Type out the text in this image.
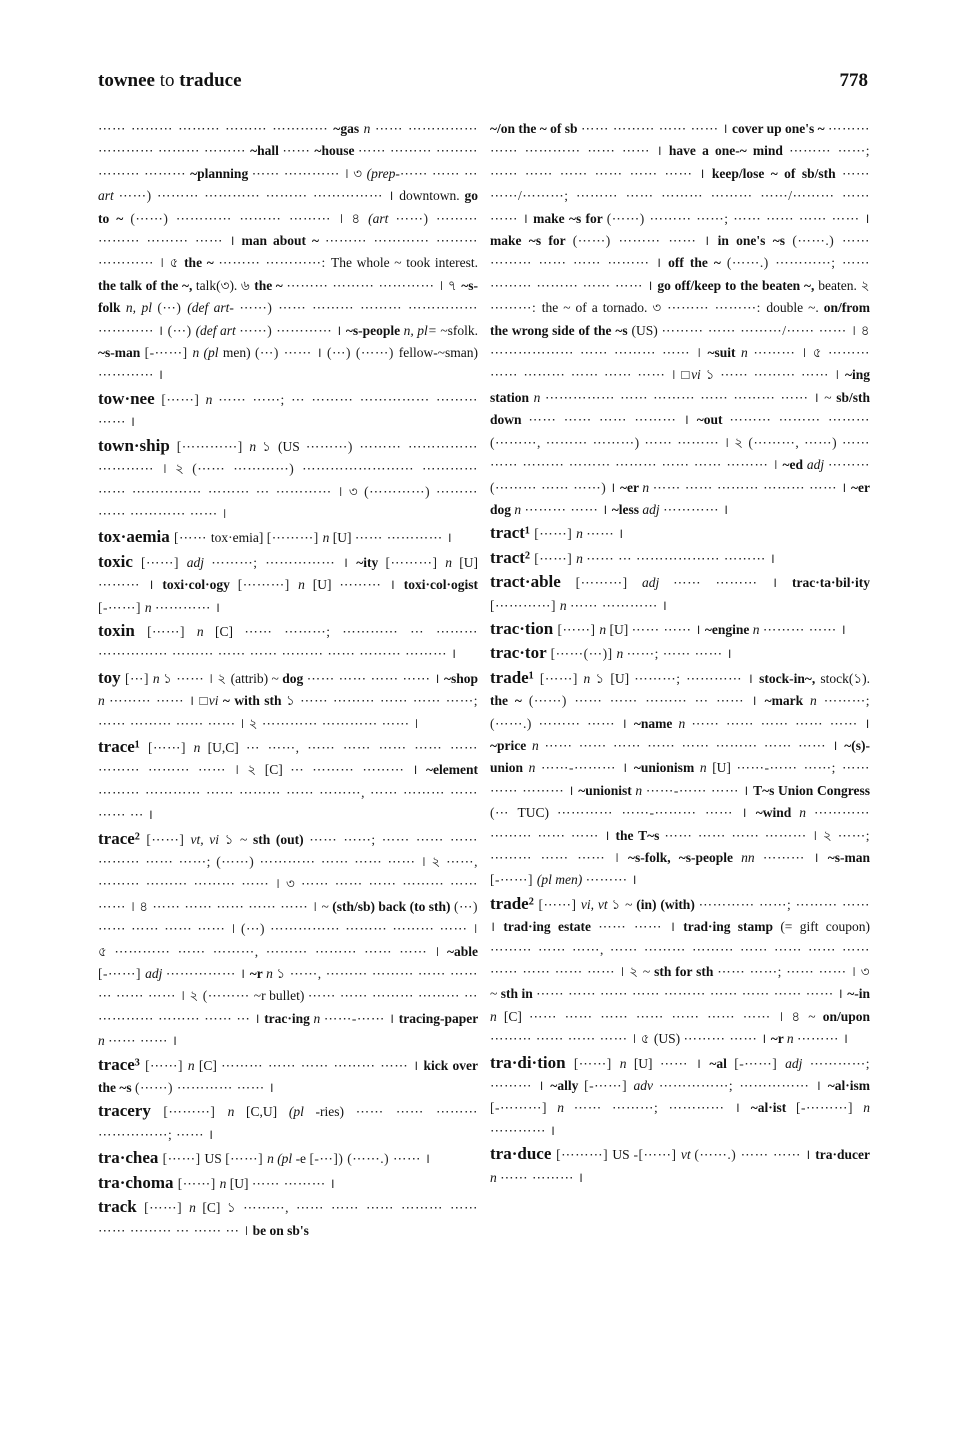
townee to traduce	778

⋯⋯ ⋯⋯⋯ ⋯⋯⋯ ⋯⋯⋯ ⋯⋯⋯⋯ ~gas n ⋯⋯ ⋯⋯⋯⋯⋯ ⋯⋯⋯⋯ ⋯⋯⋯ ⋯⋯⋯ ~hall ⋯⋯ ~house ⋯⋯ ⋯⋯⋯ ⋯⋯⋯ ⋯⋯⋯ ⋯⋯⋯ ~planning ⋯⋯ ⋯⋯⋯⋯ । ৩ (prep-⋯⋯ ⋯⋯ ⋯ art ⋯⋯) ⋯⋯⋯ ⋯⋯⋯⋯ ⋯⋯⋯ ⋯⋯⋯⋯⋯ । downtown. go to ~ (⋯⋯) ⋯⋯⋯⋯ ⋯⋯⋯ ⋯⋯⋯ । ৪ (art ⋯⋯) ⋯⋯⋯ ⋯⋯⋯ ⋯⋯⋯ ⋯⋯ । man about ~ ⋯⋯⋯ ⋯⋯⋯⋯ ⋯⋯⋯ ⋯⋯⋯⋯ । ৫ the ~ ⋯⋯⋯ ⋯⋯⋯⋯: The whole ~ took interest. the talk of the ~, talk(৩). ৬ the ~ ⋯⋯⋯ ⋯⋯⋯ ⋯⋯⋯⋯ । ৭ ~s-folk n, pl (⋯) (def art- ⋯⋯) ⋯⋯ ⋯⋯⋯ ⋯⋯⋯ ⋯⋯⋯⋯⋯ ⋯⋯⋯⋯ । (⋯) (def art ⋯⋯) ⋯⋯⋯⋯ । ~s-people n, pl= ~sfolk. ~s-man [-⋯⋯] n (pl men) (⋯) ⋯⋯ । (⋯) (⋯⋯) fellow-~sman) ⋯⋯⋯⋯ ।

tow·nee [⋯⋯] n ⋯⋯ ⋯⋯; ⋯ ⋯⋯⋯ ⋯⋯⋯⋯⋯ ⋯⋯⋯ ⋯⋯ ।

town·ship [⋯⋯⋯⋯] n ১ (US ⋯⋯⋯) ⋯⋯⋯ ⋯⋯⋯⋯⋯ ⋯⋯⋯⋯ । ২ (⋯⋯ ⋯⋯⋯⋯) ⋯⋯⋯⋯⋯⋯⋯⋯ ⋯⋯⋯⋯ ⋯⋯ ⋯⋯⋯⋯⋯ ⋯⋯⋯ ⋯ ⋯⋯⋯⋯ । ৩ (⋯⋯⋯⋯) ⋯⋯⋯ ⋯⋯ ⋯⋯⋯⋯ ⋯⋯ ।

tox·aemia [⋯⋯ tox·emia] [⋯⋯⋯] n [U] ⋯⋯ ⋯⋯⋯⋯ ।

toxic [⋯⋯] adj ⋯⋯⋯; ⋯⋯⋯⋯⋯ । ~ity [⋯⋯⋯] n [U] ⋯⋯⋯ । toxi·col·ogy [⋯⋯⋯] n [U] ⋯⋯⋯ । toxi·col·ogist [-⋯⋯] n ⋯⋯⋯⋯ ।

toxin [⋯⋯] n [C] ⋯⋯ ⋯⋯⋯; ⋯⋯⋯⋯ ⋯ ⋯⋯⋯ ⋯⋯⋯⋯⋯ ⋯⋯⋯ ⋯⋯ ⋯⋯ ⋯⋯⋯ ⋯⋯ ⋯⋯⋯ ⋯⋯⋯ ।

toy [⋯] n ১ ⋯⋯ । ২ (attrib) ~ dog ⋯⋯ ⋯⋯ ⋯⋯ ⋯⋯ । ~shop n ⋯⋯⋯ ⋯⋯ । □vi ~ with sth ১ ⋯⋯ ⋯⋯⋯ ⋯⋯ ⋯⋯ ⋯⋯; ⋯⋯ ⋯⋯⋯ ⋯⋯ ⋯⋯ । ২ ⋯⋯⋯⋯ ⋯⋯⋯⋯ ⋯⋯ ।

trace¹ [⋯⋯] n [U,C] ⋯ ⋯⋯, ⋯⋯ ⋯⋯ ⋯⋯ ⋯⋯ ⋯⋯ ⋯⋯⋯ ⋯⋯⋯ ⋯⋯ । ২ [C] ⋯ ⋯⋯⋯ ⋯⋯⋯ । ~element ⋯⋯⋯ ⋯⋯⋯⋯ ⋯⋯ ⋯⋯⋯ ⋯⋯ ⋯⋯⋯, ⋯⋯ ⋯⋯⋯ ⋯⋯ ⋯⋯ ⋯ ।

trace² [⋯⋯] vt, vi ১ ~ sth (out) ⋯⋯ ⋯⋯; ⋯⋯ ⋯⋯ ⋯⋯ ⋯⋯⋯ ⋯⋯ ⋯⋯; (⋯⋯) ⋯⋯⋯⋯ ⋯⋯ ⋯⋯ ⋯⋯ । ২ ⋯⋯, ⋯⋯⋯ ⋯⋯⋯ ⋯⋯⋯ ⋯⋯ । ৩ ⋯⋯ ⋯⋯ ⋯⋯ ⋯⋯⋯ ⋯⋯ ⋯⋯ । ৪ ⋯⋯ ⋯⋯ ⋯⋯ ⋯⋯ ⋯⋯ । ~ (sth/sb) back (to sth) (⋯) ⋯⋯ ⋯⋯ ⋯⋯ ⋯⋯ । (⋯) ⋯⋯⋯⋯⋯ ⋯⋯⋯ ⋯⋯⋯ ⋯⋯ । ৫ ⋯⋯⋯⋯ ⋯⋯ ⋯⋯⋯, ⋯⋯⋯ ⋯⋯⋯ ⋯⋯ ⋯⋯ । ~able [-⋯⋯] adj ⋯⋯⋯⋯⋯ । ~r n ১ ⋯⋯, ⋯⋯⋯ ⋯⋯⋯ ⋯⋯ ⋯⋯ ⋯ ⋯⋯ ⋯⋯ । ২ (⋯⋯⋯ ~r bullet) ⋯⋯ ⋯⋯ ⋯⋯⋯ ⋯⋯⋯ ⋯ ⋯⋯⋯⋯ ⋯⋯⋯ ⋯⋯ ⋯ । trac·ing n ⋯⋯-⋯⋯ । tracing-paper n ⋯⋯ ⋯⋯ ।

trace³ [⋯⋯] n [C] ⋯⋯⋯ ⋯⋯ ⋯⋯ ⋯⋯⋯ ⋯⋯ । kick over the ~s (⋯⋯) ⋯⋯⋯⋯ ⋯⋯ ।

tracery [⋯⋯⋯] n [C,U] (pl -ries) ⋯⋯ ⋯⋯ ⋯⋯⋯ ⋯⋯⋯⋯⋯; ⋯⋯ ।

tra·chea [⋯⋯] US [⋯⋯] n (pl -e [-⋯]) (⋯⋯.) ⋯⋯ ।

tra·choma [⋯⋯] n [U] ⋯⋯ ⋯⋯⋯ ।

track [⋯⋯] n [C] ১ ⋯⋯⋯, ⋯⋯ ⋯⋯ ⋯⋯ ⋯⋯⋯ ⋯⋯ ⋯⋯ ⋯⋯⋯ ⋯ ⋯⋯ ⋯ । be on sb's

~/on the ~ of sb ⋯⋯ ⋯⋯⋯ ⋯⋯ ⋯⋯ । cover up one's ~ ⋯⋯⋯ ⋯⋯ ⋯⋯⋯⋯ ⋯⋯ ⋯⋯ । have a one-~ mind ⋯⋯⋯ ⋯⋯; ⋯⋯ ⋯⋯ ⋯⋯ ⋯⋯ ⋯⋯ ⋯⋯ । keep/lose ~ of sb/sth ⋯⋯ ⋯⋯/⋯⋯⋯; ⋯⋯⋯ ⋯⋯ ⋯⋯⋯ ⋯⋯⋯ ⋯⋯/⋯⋯⋯ ⋯⋯ ⋯⋯ । make ~s for (⋯⋯) ⋯⋯⋯ ⋯⋯; ⋯⋯ ⋯⋯ ⋯⋯ ⋯⋯ । make ~s for (⋯⋯) ⋯⋯⋯ ⋯⋯ । in one's ~s (⋯⋯.) ⋯⋯ ⋯⋯⋯ ⋯⋯ ⋯⋯ ⋯⋯⋯ । off the ~ (⋯⋯.) ⋯⋯⋯⋯; ⋯⋯ ⋯⋯⋯ ⋯⋯⋯ ⋯⋯ ⋯⋯ । go off/keep to the beaten ~, beaten. ২ ⋯⋯⋯: the ~ of a tornado. ৩ ⋯⋯⋯ ⋯⋯⋯: double ~. on/from the wrong side of the ~s (US) ⋯⋯⋯ ⋯⋯ ⋯⋯⋯/⋯⋯ ⋯⋯ । ৪ ⋯⋯⋯⋯⋯⋯ ⋯⋯ ⋯⋯⋯ ⋯⋯ । ~suit n ⋯⋯⋯ । ৫ ⋯⋯⋯ ⋯⋯ ⋯⋯⋯ ⋯⋯ ⋯⋯ ⋯⋯ । □vi ১ ⋯⋯ ⋯⋯⋯ ⋯⋯ । ~ing station n ⋯⋯⋯⋯⋯ ⋯⋯ ⋯⋯⋯ ⋯⋯ ⋯⋯⋯ ⋯⋯ । ~ sb/sth down ⋯⋯ ⋯⋯ ⋯⋯ ⋯⋯⋯ । ~out ⋯⋯⋯ ⋯⋯⋯ ⋯⋯⋯ (⋯⋯⋯, ⋯⋯⋯ ⋯⋯⋯) ⋯⋯ ⋯⋯⋯ । ২ (⋯⋯⋯, ⋯⋯) ⋯⋯ ⋯⋯ ⋯⋯⋯ ⋯⋯⋯ ⋯⋯⋯ ⋯⋯ ⋯⋯ ⋯⋯⋯ । ~ed adj ⋯⋯⋯ (⋯⋯⋯ ⋯⋯ ⋯⋯) । ~er n ⋯⋯ ⋯⋯ ⋯⋯⋯ ⋯⋯⋯ ⋯⋯ । ~er dog n ⋯⋯⋯ ⋯⋯ । ~less adj ⋯⋯⋯⋯ ।

tract¹ [⋯⋯] n ⋯⋯ ।

tract² [⋯⋯] n ⋯⋯ ⋯ ⋯⋯⋯⋯⋯⋯ ⋯⋯⋯ ।

tract·able [⋯⋯⋯] adj ⋯⋯ ⋯⋯⋯ । trac·ta·bil·ity [⋯⋯⋯⋯] n ⋯⋯ ⋯⋯⋯⋯ ।

trac·tion [⋯⋯] n [U] ⋯⋯ ⋯⋯ । ~engine n ⋯⋯⋯ ⋯⋯ ।

trac·tor [⋯⋯(⋯)] n ⋯⋯; ⋯⋯ ⋯⋯ ।

trade¹ [⋯⋯] n ১ [U] ⋯⋯⋯; ⋯⋯⋯⋯ । stock-in~, stock(১). the ~ (⋯⋯) ⋯⋯ ⋯⋯ ⋯⋯⋯ ⋯ ⋯⋯ । ~mark n ⋯⋯⋯; (⋯⋯.) ⋯⋯⋯ ⋯⋯ । ~name n ⋯⋯ ⋯⋯ ⋯⋯ ⋯⋯ ⋯⋯ । ~price n ⋯⋯ ⋯⋯ ⋯⋯ ⋯⋯ ⋯⋯ ⋯⋯⋯ ⋯⋯ ⋯⋯ । ~(s)-union n ⋯⋯-⋯⋯⋯ । ~unionism n [U] ⋯⋯-⋯⋯ ⋯⋯; ⋯⋯ ⋯⋯ ⋯⋯⋯ । ~unionist n ⋯⋯-⋯⋯ ⋯⋯ । T~s Union Congress (⋯ TUC) ⋯⋯⋯⋯ ⋯⋯-⋯⋯⋯ ⋯⋯ । ~wind n ⋯⋯⋯⋯ ⋯⋯⋯ ⋯⋯ ⋯⋯ । the T~s ⋯⋯ ⋯⋯ ⋯⋯ ⋯⋯⋯ । ২ ⋯⋯; ⋯⋯⋯ ⋯⋯ ⋯⋯ । ~s-folk, ~s-people nn ⋯⋯⋯ । ~s-man [-⋯⋯] (pl men) ⋯⋯⋯ ।

trade² [⋯⋯] vi, vt ১ ~ (in) (with) ⋯⋯⋯⋯ ⋯⋯; ⋯⋯⋯ ⋯⋯ । trad·ing estate ⋯⋯ ⋯⋯ । trad·ing stamp (= gift coupon) ⋯⋯⋯ ⋯⋯ ⋯⋯, ⋯⋯ ⋯⋯⋯ ⋯⋯⋯ ⋯⋯ ⋯⋯ ⋯⋯ ⋯⋯ ⋯⋯ ⋯⋯ ⋯⋯ ⋯⋯ । ২ ~ sth for sth ⋯⋯ ⋯⋯; ⋯⋯ ⋯⋯ । ৩ ~ sth in ⋯⋯ ⋯⋯ ⋯⋯ ⋯⋯ ⋯⋯⋯ ⋯⋯ ⋯⋯ ⋯⋯ ⋯⋯ । ~-in n [C] ⋯⋯ ⋯⋯ ⋯⋯ ⋯⋯ ⋯⋯ ⋯⋯ ⋯⋯ । ৪ ~ on/upon ⋯⋯⋯ ⋯⋯ ⋯⋯ ⋯⋯ । ৫ (US) ⋯⋯⋯ ⋯⋯ । ~r n ⋯⋯⋯ ।

tra·di·tion [⋯⋯] n [U] ⋯⋯ । ~al [-⋯⋯] adj ⋯⋯⋯⋯; ⋯⋯⋯ । ~ally [-⋯⋯] adv ⋯⋯⋯⋯⋯; ⋯⋯⋯⋯⋯ । ~al·ism [-⋯⋯⋯] n ⋯⋯ ⋯⋯⋯; ⋯⋯⋯⋯ । ~al·ist [-⋯⋯⋯] n ⋯⋯⋯⋯ ।

tra·duce [⋯⋯⋯] US -[⋯⋯] vt (⋯⋯.) ⋯⋯ ⋯⋯ । tra·ducer n ⋯⋯ ⋯⋯⋯ ।
